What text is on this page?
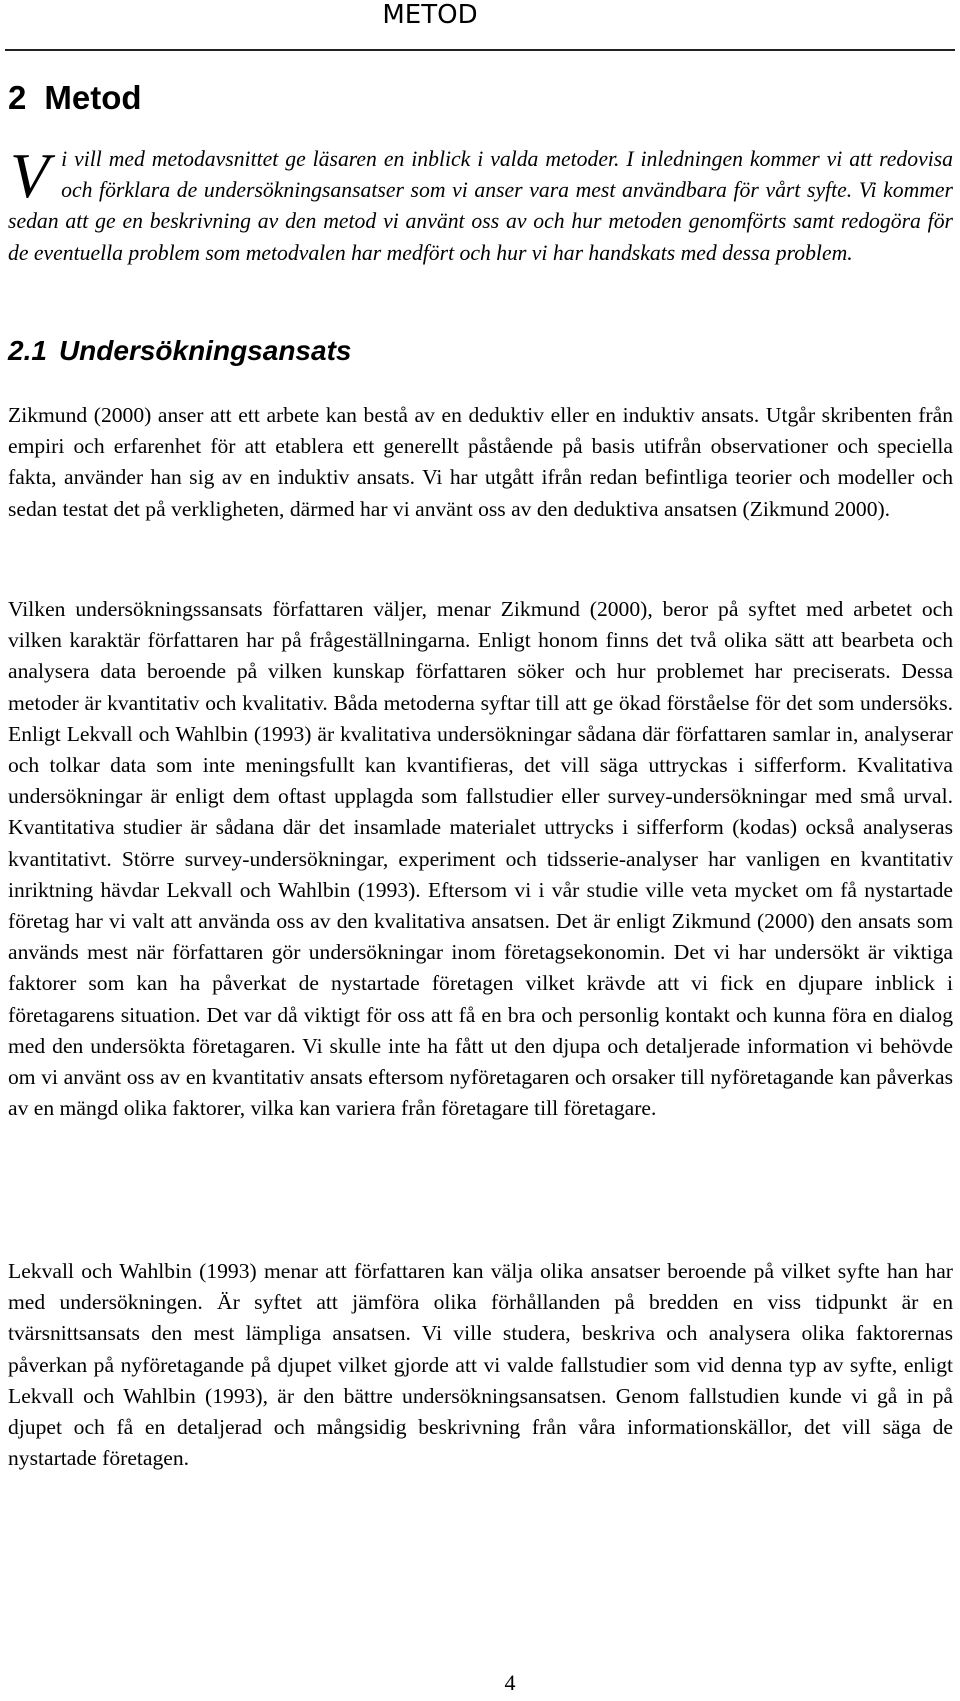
METOD
2 Metod

Vi vill med metodavsnittet ge läsaren en inblick i valda metoder. I inledningen kommer vi att redovisa och förklara de undersökningsansatser som vi anser vara mest användbara för vårt syfte. Vi kommer sedan att ge en beskrivning av den metod vi använt oss av och hur metoden genomförts samt redogöra för de eventuella problem som metodvalen har medfört och hur vi har handskats med dessa problem.

2.1 Undersökningsansats

Zikmund (2000) anser att ett arbete kan bestå av en deduktiv eller en induktiv ansats. Utgår skribenten från empiri och erfarenhet för att etablera ett generellt påstående på basis utifrån observationer och speciella fakta, använder han sig av en induktiv ansats. Vi har utgått ifrån redan befintliga teorier och modeller och sedan testat det på verkligheten, därmed har vi använt oss av den deduktiva ansatsen (Zikmund 2000).

Vilken undersökningssansats författaren väljer, menar Zikmund (2000), beror på syftet med arbetet och vilken karaktär författaren har på frågeställningarna. Enligt honom finns det två olika sätt att bearbeta och analysera data beroende på vilken kunskap författaren söker och hur problemet har preciserats. Dessa metoder är kvantitativ och kvalitativ. Båda metoderna syftar till att ge ökad förståelse för det som undersöks. Enligt Lekvall och Wahlbin (1993) är kvalitativa undersökningar sådana där författaren samlar in, analyserar och tolkar data som inte meningsfullt kan kvantifieras, det vill säga uttryckas i sifferform. Kvalitativa undersökningar är enligt dem oftast upplagda som fallstudier eller survey-undersökningar med små urval. Kvantitativa studier är sådana där det insamlade materialet uttrycks i sifferform (kodas) också analyseras kvantitativt. Större survey-undersökningar, experiment och tidsserie-analyser har vanligen en kvantitativ inriktning hävdar Lekvall och Wahlbin (1993). Eftersom vi i vår studie ville veta mycket om få nystartade företag har vi valt att använda oss av den kvalitativa ansatsen. Det är enligt Zikmund (2000) den ansats som används mest när författaren gör undersökningar inom företagsekonomin. Det vi har undersökt är viktiga faktorer som kan ha påverkat de nystartade företagen vilket krävde att vi fick en djupare inblick i företagarens situation. Det var då viktigt för oss att få en bra och personlig kontakt och kunna föra en dialog med den undersökta företagaren. Vi skulle inte ha fått ut den djupa och detaljerade information vi behövde om vi använt oss av en kvantitativ ansats eftersom nyföretagaren och orsaker till nyföretagande kan påverkas av en mängd olika faktorer, vilka kan variera från företagare till företagare.

Lekvall och Wahlbin (1993) menar att författaren kan välja olika ansatser beroende på vilket syfte han har med undersökningen. Är syftet att jämföra olika förhållanden på bredden en viss tidpunkt är en tvärsnittsansats den mest lämpliga ansatsen. Vi ville studera, beskriva och analysera olika faktorernas påverkan på nyföretagande på djupet vilket gjorde att vi valde fallstudier som vid denna typ av syfte, enligt Lekvall och Wahlbin (1993), är den bättre undersökningsansatsen. Genom fallstudien kunde vi gå in på djupet och få en detaljerad och mångsidig beskrivning från våra informationskällor, det vill säga de nystartade företagen.

4
